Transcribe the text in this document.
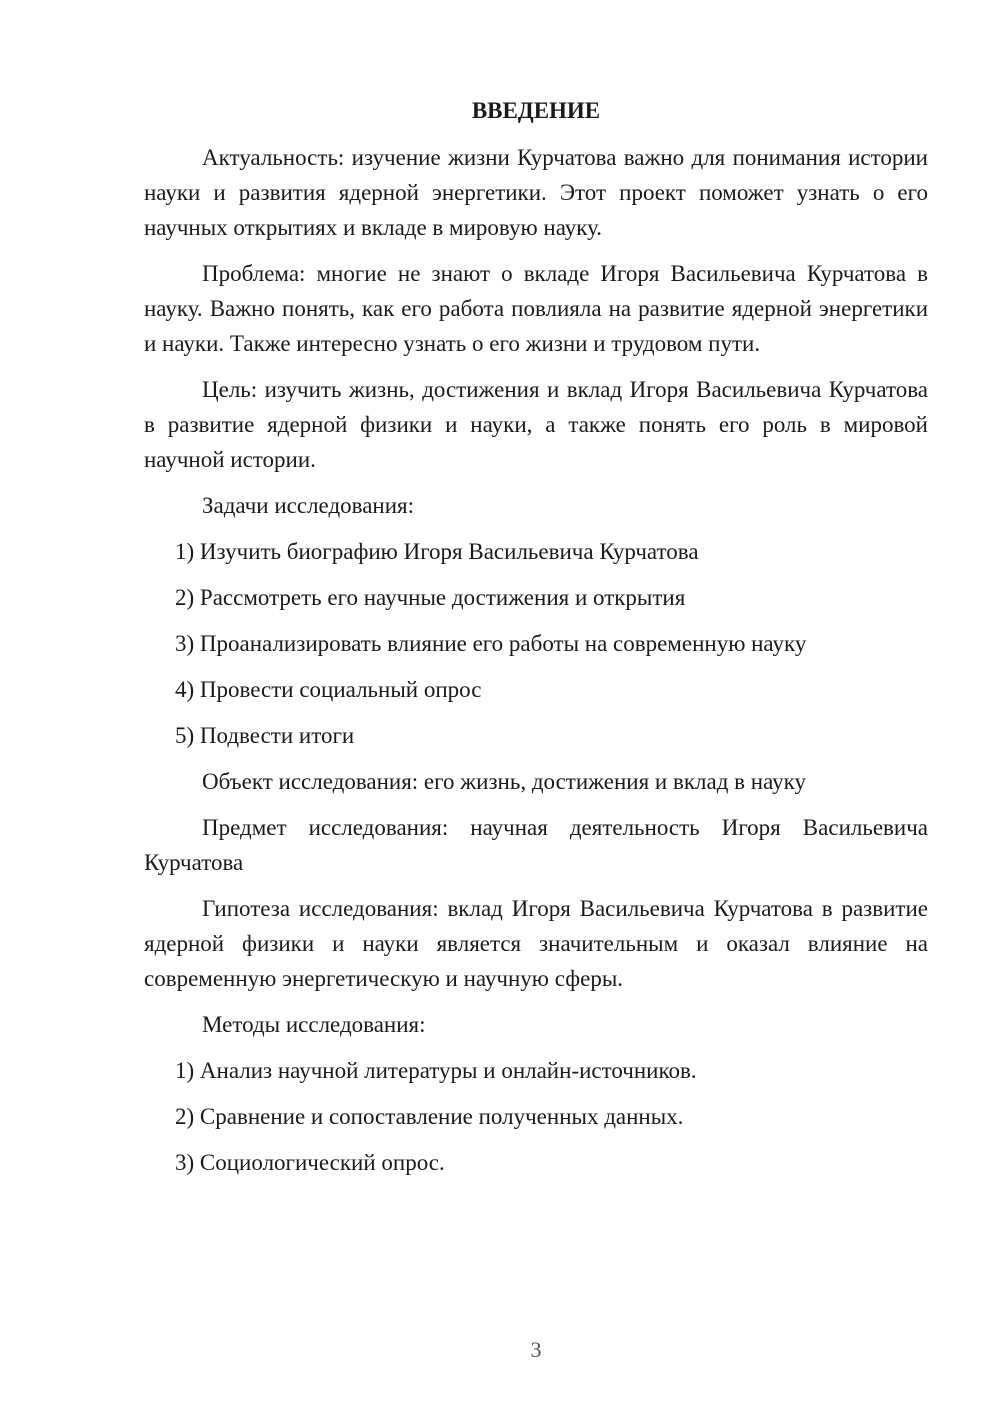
ВВЕДЕНИЕ

Актуальность: изучение жизни Курчатова важно для понимания истории науки и развития ядерной энергетики. Этот проект поможет узнать о его научных открытиях и вкладе в мировую науку.

Проблема: многие не знают о вкладе Игоря Васильевича Курчатова в науку. Важно понять, как его работа повлияла на развитие ядерной энергетики и науки. Также интересно узнать о его жизни и трудовом пути.

Цель: изучить жизнь, достижения и вклад Игоря Васильевича Курчатова в развитие ядерной физики и науки, а также понять его роль в мировой научной истории.

Задачи исследования:

1) Изучить биографию Игоря Васильевича Курчатова

2) Рассмотреть его научные достижения и открытия

3) Проанализировать влияние его работы на современную науку

4) Провести социальный опрос

5) Подвести итоги

Объект исследования: его жизнь, достижения и вклад в науку

Предмет исследования: научная деятельность Игоря Васильевича Курчатова

Гипотеза исследования: вклад Игоря Васильевича Курчатова в развитие ядерной физики и науки является значительным и оказал влияние на современную энергетическую и научную сферы.

Методы исследования:

1) Анализ научной литературы и онлайн-источников.

2) Сравнение и сопоставление полученных данных.

3) Социологический опрос.

3
